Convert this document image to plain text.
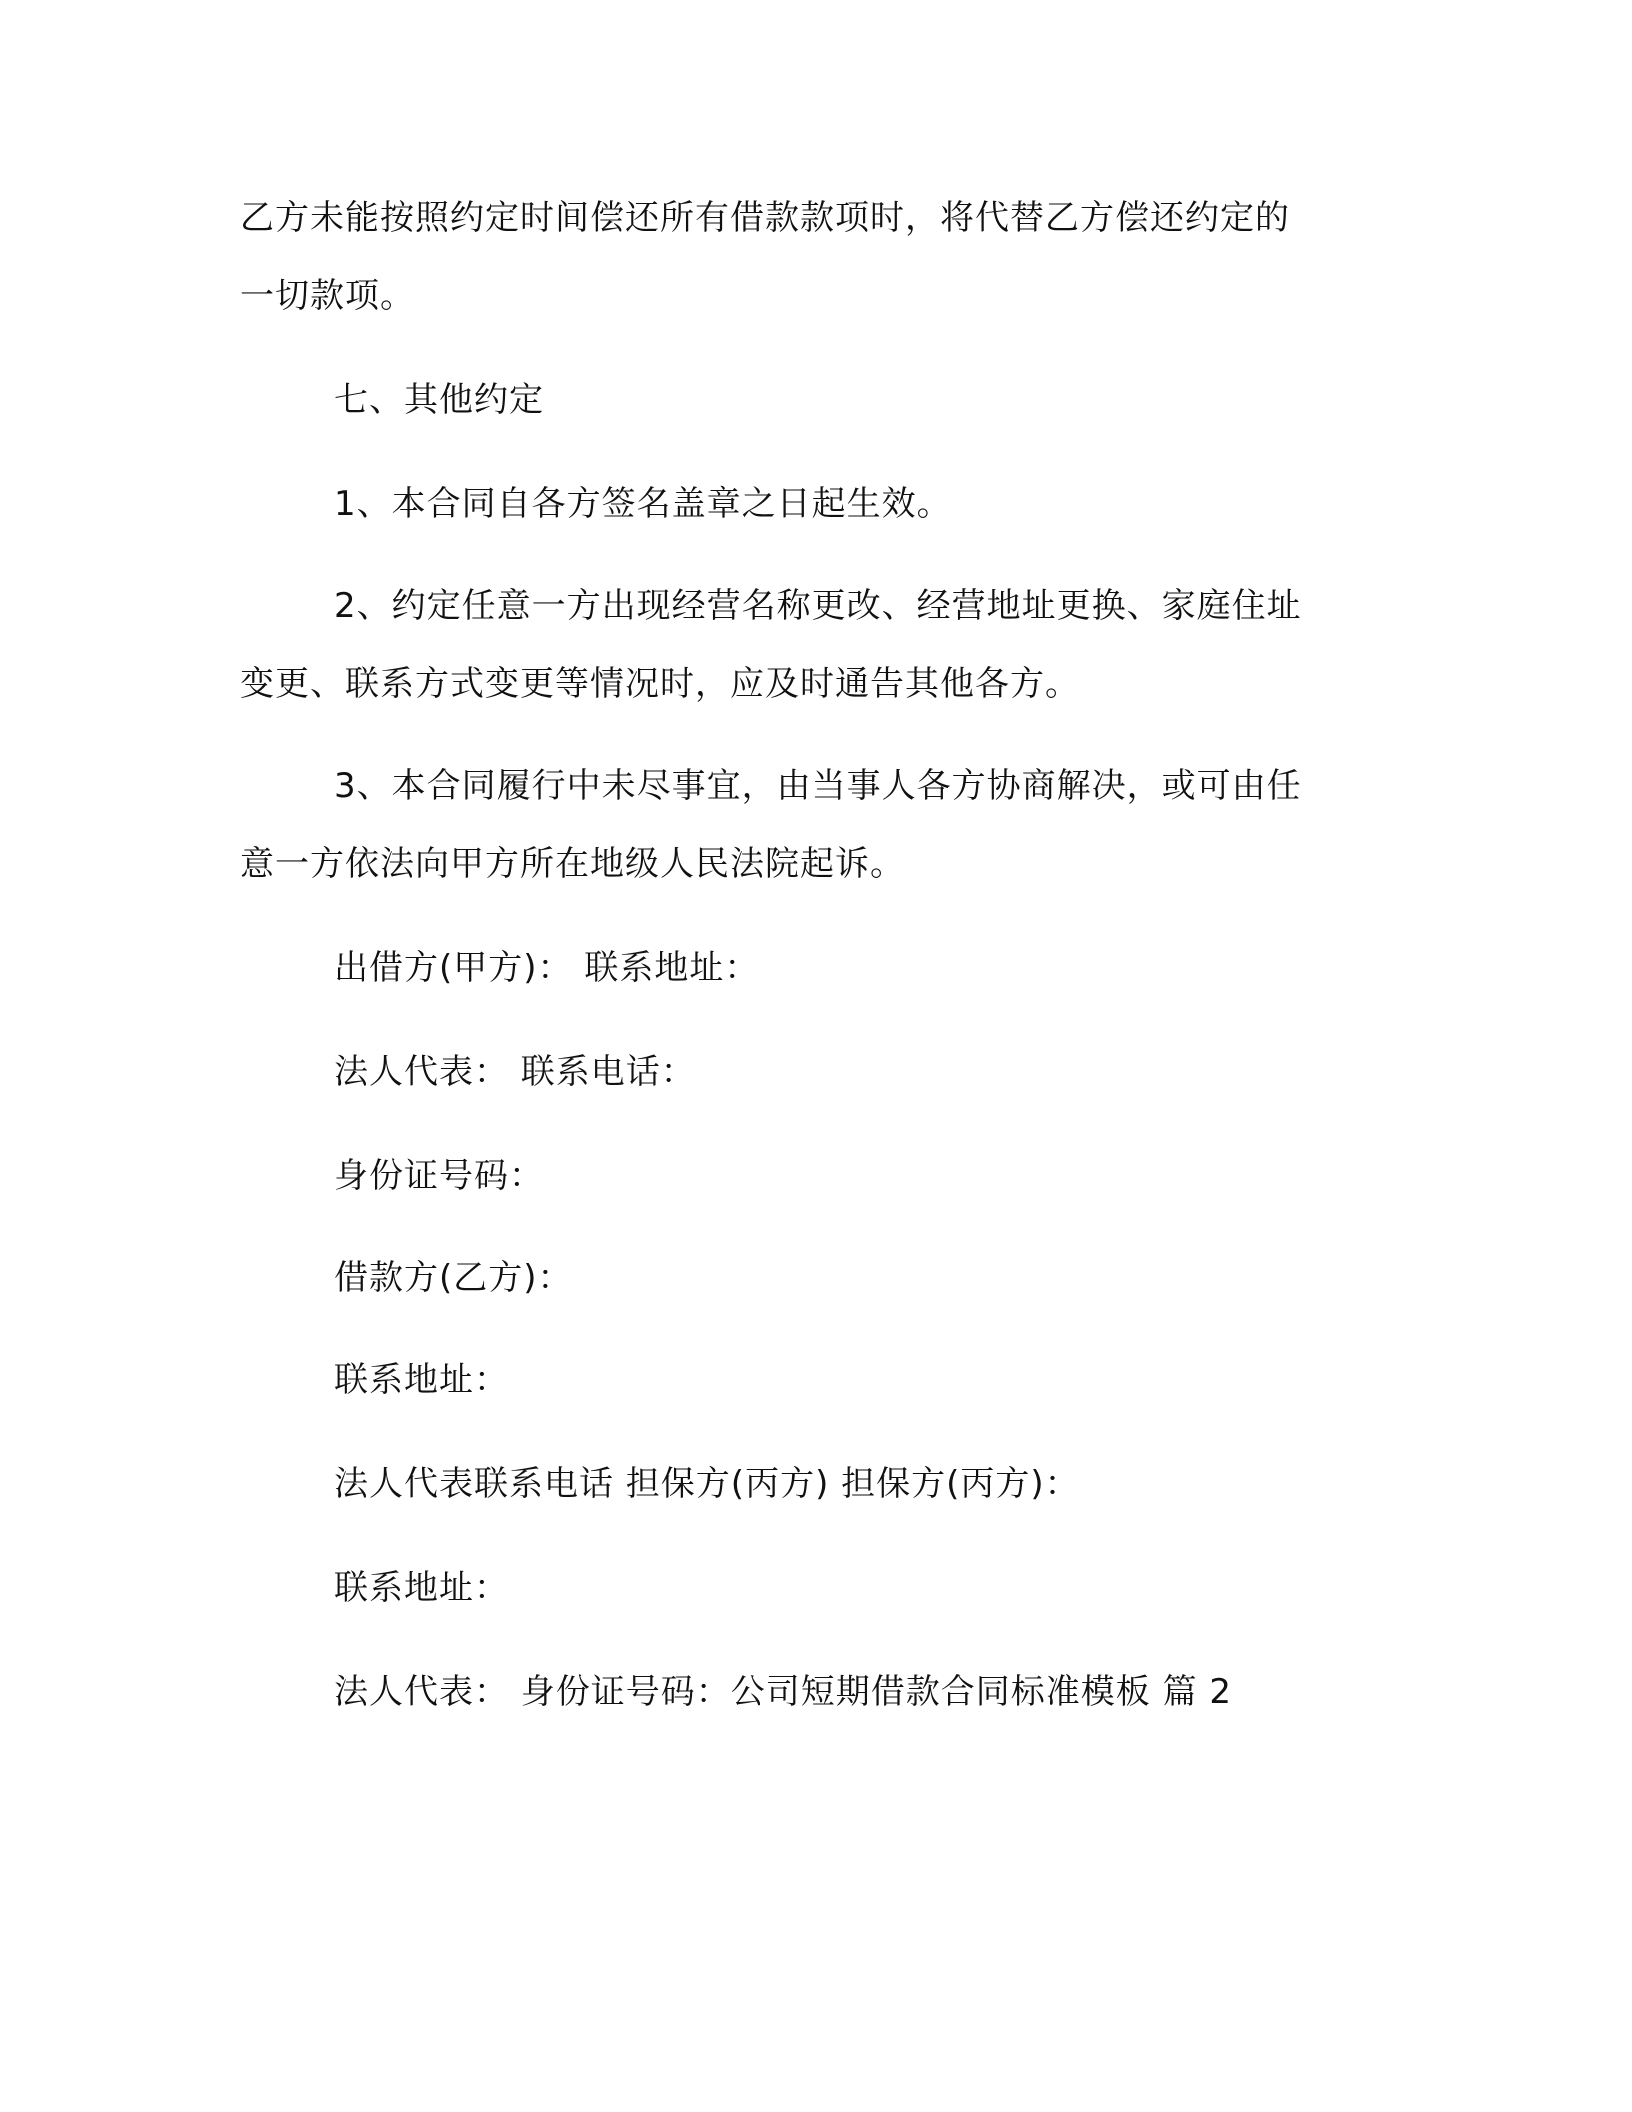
乙方未能按照约定时间偿还所有借款款项时，将代替乙方偿还约定的
一切款项。
七、其他约定
1、本合同自各方签名盖章之日起生效。
2、约定任意一方出现经营名称更改、经营地址更换、家庭住址
变更、联系方式变更等情况时，应及时通告其他各方。
3、本合同履行中未尽事宜，由当事人各方协商解决，或可由任
意一方依法向甲方所在地级人民法院起诉。
出借方(甲方)： 联系地址：
法人代表： 联系电话：
身份证号码：
借款方(乙方)：
联系地址：
法人代表联系电话 担保方(丙方) 担保方(丙方)：
联系地址：
法人代表： 身份证号码：公司短期借款合同标准模板 篇 2
